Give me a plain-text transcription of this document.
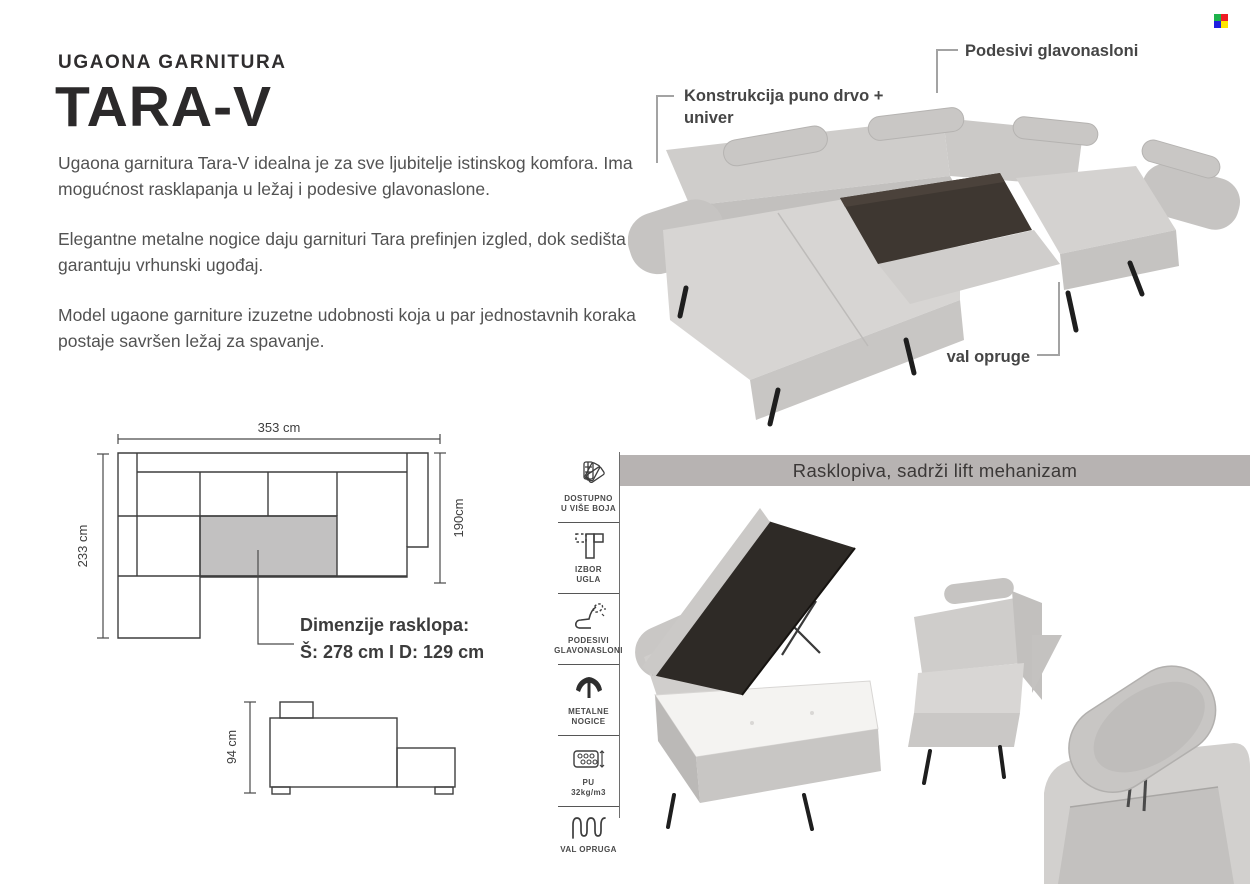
UGAONA GARNITURA
TARA-V

Ugaona garnitura Tara-V idealna je za sve ljubitelje istinskog komfora. Ima mogućnost rasklapanja u ležaj i podesive glavonaslone.

Elegantne metalne nogice daju garnituri Tara prefinjen izgled, dok sedišta garantuju vrhunski ugođaj.

Model ugaone garniture izuzetne udobnosti koja u par jednostavnih koraka postaje savršen ležaj za spavanje.

Konstrukcija puno drvo +
univer
Podesivi glavonasloni
val opruge
353 cm
233 cm
190cm
Dimenzije rasklopa:
Š: 278 cm I D: 129 cm
94 cm
DOSTUPNO
U VIŠE BOJA
IZBOR
UGLA
PODESIVI
GLAVONASLONI
METALNE
NOGICE
PU
32kg/m3
VAL OPRUGA
Rasklopiva, sadrži lift mehanizam
